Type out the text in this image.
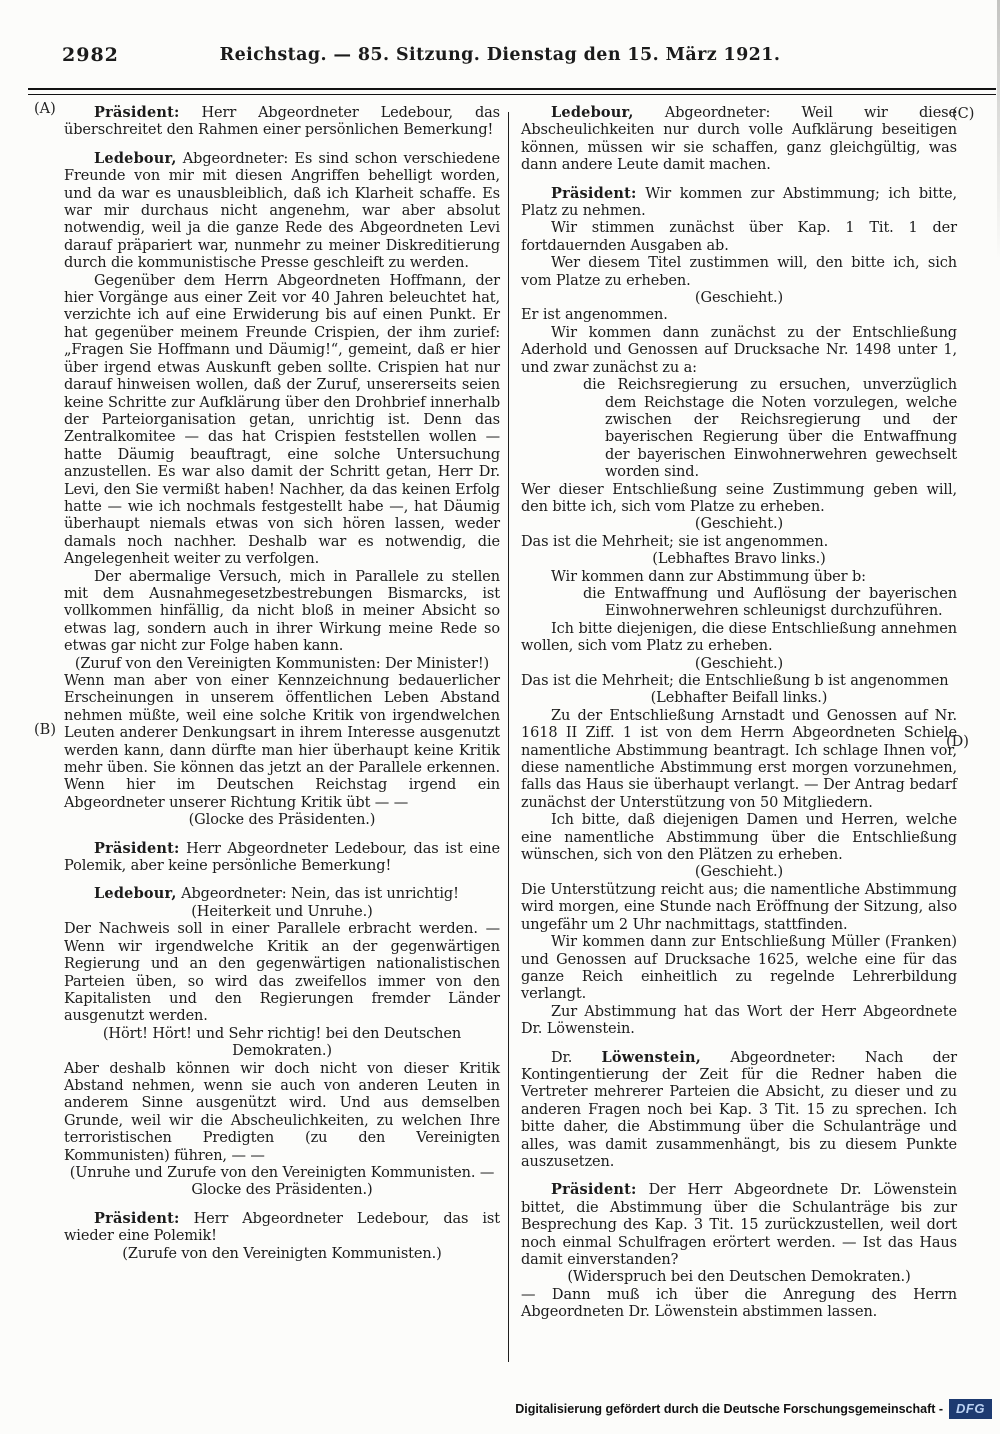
2982	Reichstag. — 85. Sitzung. Dienstag den 15. März 1921.
(A)
(B)
(C)
(D)

Präsident: Herr Abgeordneter Ledebour, das überschreitet den Rahmen einer persönlichen Bemerkung!

Ledebour, Abgeordneter: Es sind schon verschiedene Freunde von mir mit diesen Angriffen behelligt worden, und da war es unausbleiblich, daß ich Klarheit schaffe. Es war mir durchaus nicht angenehm, war aber absolut notwendig, weil ja die ganze Rede des Abgeordneten Levi darauf präpariert war, nunmehr zu meiner Diskreditierung durch die kommunistische Presse geschleift zu werden.

Gegenüber dem Herrn Abgeordneten Hoffmann, der hier Vorgänge aus einer Zeit vor 40 Jahren beleuchtet hat, verzichte ich auf eine Erwiderung bis auf einen Punkt. Er hat gegenüber meinem Freunde Crispien, der ihm zurief: „Fragen Sie Hoffmann und Däumig!“, gemeint, daß er hier über irgend etwas Auskunft geben sollte. Crispien hat nur darauf hinweisen wollen, daß der Zuruf, unsererseits seien keine Schritte zur Aufklärung über den Drohbrief innerhalb der Parteiorganisation getan, unrichtig ist. Denn das Zentralkomitee — das hat Crispien feststellen wollen — hatte Däumig beauftragt, eine solche Untersuchung anzustellen. Es war also damit der Schritt getan, Herr Dr. Levi, den Sie vermißt haben! Nachher, da das keinen Erfolg hatte — wie ich nochmals festgestellt habe —, hat Däumig überhaupt niemals etwas von sich hören lassen, weder damals noch nachher. Deshalb war es notwendig, die Angelegenheit weiter zu verfolgen.

Der abermalige Versuch, mich in Parallele zu stellen mit dem Ausnahmegesetzbestrebungen Bismarcks, ist vollkommen hinfällig, da nicht bloß in meiner Absicht so etwas lag, sondern auch in ihrer Wirkung meine Rede so etwas gar nicht zur Folge haben kann.

(Zuruf von den Vereinigten Kommunisten: Der Minister!)

Wenn man aber von einer Kennzeichnung bedauerlicher Erscheinungen in unserem öffentlichen Leben Abstand nehmen müßte, weil eine solche Kritik von irgendwelchen Leuten anderer Denkungsart in ihrem Interesse ausgenutzt werden kann, dann dürfte man hier überhaupt keine Kritik mehr üben. Sie können das jetzt an der Parallele erkennen. Wenn hier im Deutschen Reichstag irgend ein Abgeordneter unserer Richtung Kritik übt — —

(Glocke des Präsidenten.)

Präsident: Herr Abgeordneter Ledebour, das ist eine Polemik, aber keine persönliche Bemerkung!

Ledebour, Abgeordneter: Nein, das ist unrichtig!

(Heiterkeit und Unruhe.)

Der Nachweis soll in einer Parallele erbracht werden. — Wenn wir irgendwelche Kritik an der gegenwärtigen Regierung und an den gegenwärtigen nationalistischen Parteien üben, so wird das zweifellos immer von den Kapitalisten und den Regierungen fremder Länder ausgenutzt werden.

(Hört! Hört! und Sehr richtig! bei den Deutschen Demokraten.)

Aber deshalb können wir doch nicht von dieser Kritik Abstand nehmen, wenn sie auch von anderen Leuten in anderem Sinne ausgenützt wird. Und aus demselben Grunde, weil wir die Abscheulichkeiten, zu welchen Ihre terroristischen Predigten (zu den Vereinigten Kommunisten) führen, — —

(Unruhe und Zurufe von den Vereinigten Kommunisten. — Glocke des Präsidenten.)

Präsident: Herr Abgeordneter Ledebour, das ist wieder eine Polemik!

(Zurufe von den Vereinigten Kommunisten.)

Ledebour, Abgeordneter: Weil wir diese Abscheulichkeiten nur durch volle Aufklärung beseitigen können, müssen wir sie schaffen, ganz gleichgültig, was dann andere Leute damit machen.

Präsident: Wir kommen zur Abstimmung; ich bitte, Platz zu nehmen.

Wir stimmen zunächst über Kap. 1 Tit. 1 der fortdauernden Ausgaben ab.

Wer diesem Titel zustimmen will, den bitte ich, sich vom Platze zu erheben.

(Geschieht.)

Er ist angenommen.

Wir kommen dann zunächst zu der Entschließung Aderhold und Genossen auf Drucksache Nr. 1498 unter 1, und zwar zunächst zu a:

die Reichsregierung zu ersuchen, unverzüglich dem Reichstage die Noten vorzulegen, welche zwischen der Reichsregierung und der bayerischen Regierung über die Entwaffnung der bayerischen Einwohnerwehren gewechselt worden sind.

Wer dieser Entschließung seine Zustimmung geben will, den bitte ich, sich vom Platze zu erheben.

(Geschieht.)

Das ist die Mehrheit; sie ist angenommen.

(Lebhaftes Bravo links.)

Wir kommen dann zur Abstimmung über b:

die Entwaffnung und Auflösung der bayerischen Einwohnerwehren schleunigst durchzuführen.

Ich bitte diejenigen, die diese Entschließung annehmen wollen, sich vom Platz zu erheben.

(Geschieht.)

Das ist die Mehrheit; die Entschließung b ist angenommen

(Lebhafter Beifall links.)

Zu der Entschließung Arnstadt und Genossen auf Nr. 1618 II Ziff. 1 ist von dem Herrn Abgeordneten Schiele namentliche Abstimmung beantragt. Ich schlage Ihnen vor, diese namentliche Abstimmung erst morgen vorzunehmen, falls das Haus sie überhaupt verlangt. — Der Antrag bedarf zunächst der Unterstützung von 50 Mitgliedern.

Ich bitte, daß diejenigen Damen und Herren, welche eine namentliche Abstimmung über die Entschließung wünschen, sich von den Plätzen zu erheben.

(Geschieht.)

Die Unterstützung reicht aus; die namentliche Abstimmung wird morgen, eine Stunde nach Eröffnung der Sitzung, also ungefähr um 2 Uhr nachmittags, stattfinden.

Wir kommen dann zur Entschließung Müller (Franken) und Genossen auf Drucksache 1625, welche eine für das ganze Reich einheitlich zu regelnde Lehrerbildung verlangt.

Zur Abstimmung hat das Wort der Herr Abgeordnete Dr. Löwenstein.

Dr. Löwenstein, Abgeordneter: Nach der Kontingentierung der Zeit für die Redner haben die Vertreter mehrerer Parteien die Absicht, zu dieser und zu anderen Fragen noch bei Kap. 3 Tit. 15 zu sprechen. Ich bitte daher, die Abstimmung über die Schulanträge und alles, was damit zusammenhängt, bis zu diesem Punkte auszusetzen.

Präsident: Der Herr Abgeordnete Dr. Löwenstein bittet, die Abstimmung über die Schulanträge bis zur Besprechung des Kap. 3 Tit. 15 zurückzustellen, weil dort noch einmal Schulfragen erörtert werden. — Ist das Haus damit einverstanden?

(Widerspruch bei den Deutschen Demokraten.)

— Dann muß ich über die Anregung des Herrn Abgeordneten Dr. Löwenstein abstimmen lassen.

Digitalisierung gefördert durch die Deutsche Forschungsgemeinschaft -	DFG
